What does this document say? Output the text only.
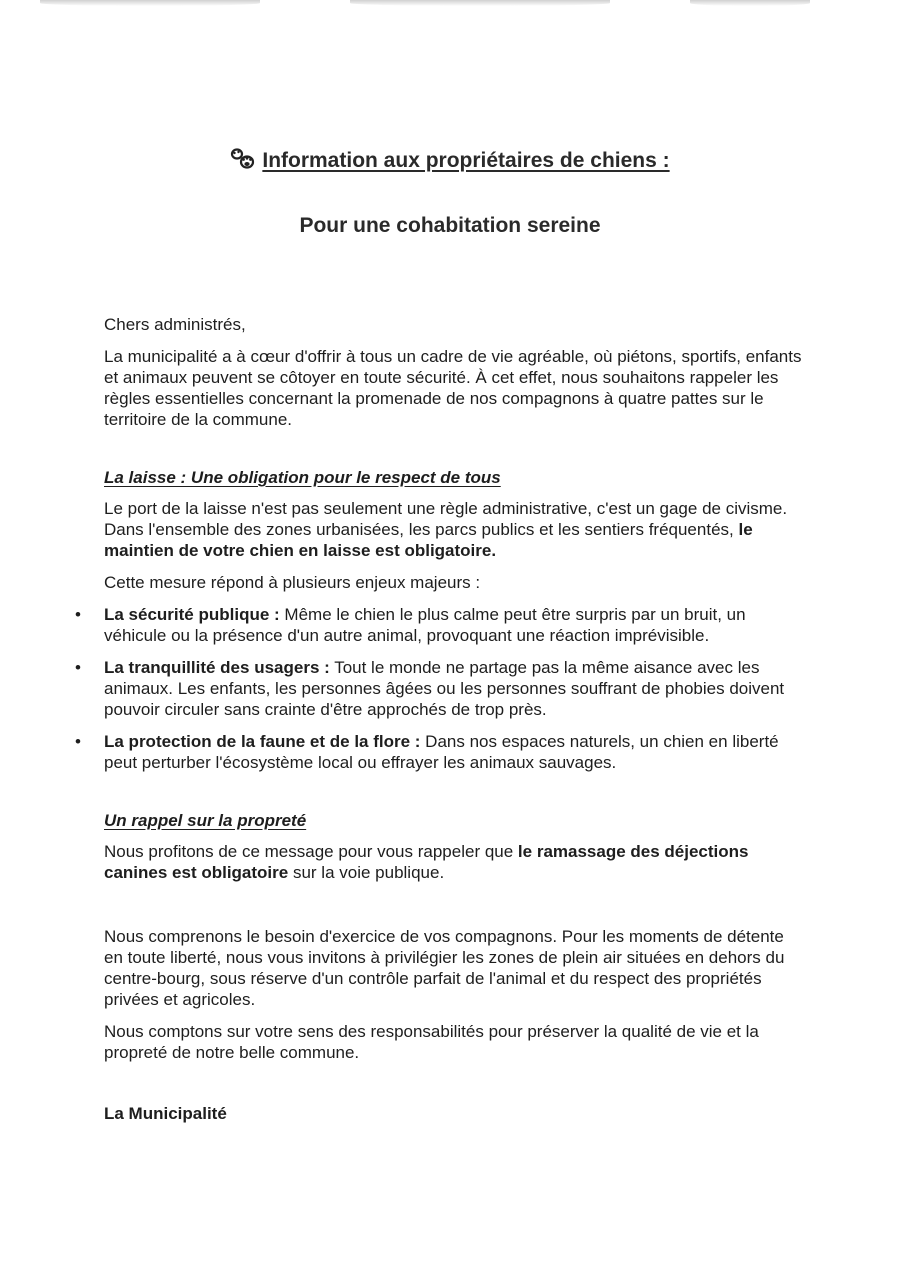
Information aux propriétaires de chiens :
Pour une cohabitation sereine
Chers administrés,
La municipalité a à cœur d'offrir à tous un cadre de vie agréable, où piétons, sportifs, enfants et animaux peuvent se côtoyer en toute sécurité. À cet effet, nous souhaitons rappeler les règles essentielles concernant la promenade de nos compagnons à quatre pattes sur le territoire de la commune.
La laisse : Une obligation pour le respect de tous
Le port de la laisse n'est pas seulement une règle administrative, c'est un gage de civisme. Dans l'ensemble des zones urbanisées, les parcs publics et les sentiers fréquentés, le maintien de votre chien en laisse est obligatoire.
Cette mesure répond à plusieurs enjeux majeurs :
• La sécurité publique : Même le chien le plus calme peut être surpris par un bruit, un véhicule ou la présence d'un autre animal, provoquant une réaction imprévisible.
• La tranquillité des usagers : Tout le monde ne partage pas la même aisance avec les animaux. Les enfants, les personnes âgées ou les personnes souffrant de phobies doivent pouvoir circuler sans crainte d'être approchés de trop près.
• La protection de la faune et de la flore : Dans nos espaces naturels, un chien en liberté peut perturber l'écosystème local ou effrayer les animaux sauvages.
Un rappel sur la propreté
Nous profitons de ce message pour vous rappeler que le ramassage des déjections canines est obligatoire sur la voie publique.
Nous comprenons le besoin d'exercice de vos compagnons. Pour les moments de détente en toute liberté, nous vous invitons à privilégier les zones de plein air situées en dehors du centre-bourg, sous réserve d'un contrôle parfait de l'animal et du respect des propriétés privées et agricoles.
Nous comptons sur votre sens des responsabilités pour préserver la qualité de vie et la propreté de notre belle commune.
La Municipalité
